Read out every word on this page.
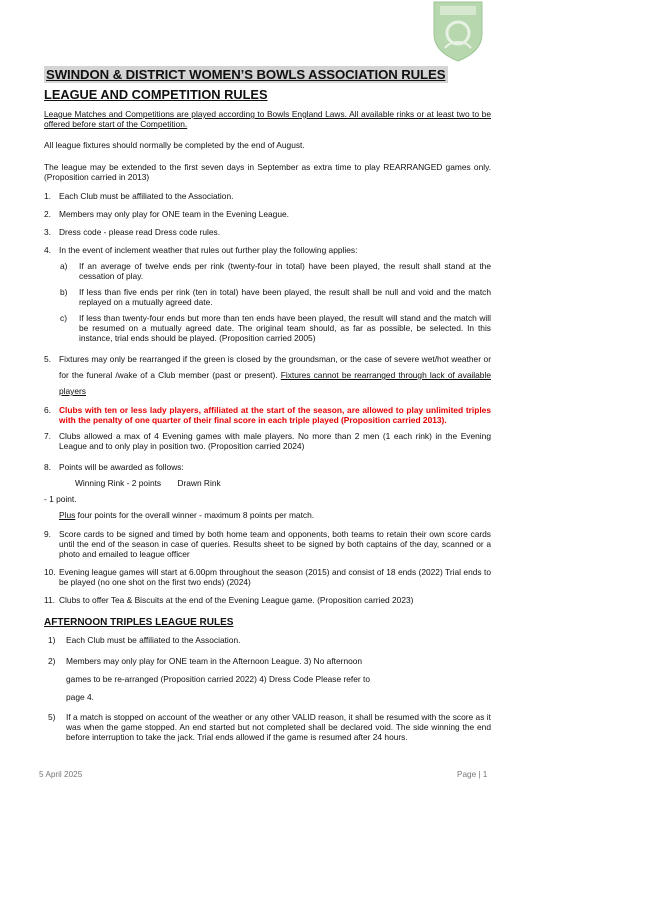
SWINDON & DISTRICT WOMEN’S BOWLS ASSOCIATION RULES
LEAGUE AND COMPETITION RULES

League Matches and Competitions are played according to Bowls England Laws. All available rinks or at least two to be offered before start of the Competition.

All league fixtures should normally be completed by the end of August.

The league may be extended to the first seven days in September as extra time to play REARRANGED games only. (Proposition carried in 2013)

1. Each Club must be affiliated to the Association.
2. Members may only play for ONE team in the Evening League.
3. Dress code - please read Dress code rules.
4. In the event of inclement weather that rules out further play the following applies:
a) If an average of twelve ends per rink (twenty-four in total) have been played, the result shall stand at the cessation of play.
b) If less than five ends per rink (ten in total) have been played, the result shall be null and void and the match replayed on a mutually agreed date.
c) If less than twenty-four ends but more than ten ends have been played, the result will stand and the match will be resumed on a mutually agreed date. The original team should, as far as possible, be selected. In this instance, trial ends should be played. (Proposition carried 2005)
5. Fixtures may only be rearranged if the green is closed by the groundsman, or the case of severe wet/hot weather or for the funeral /wake of a Club member (past or present). Fixtures cannot be rearranged through lack of available players
6. Clubs with ten or less lady players, affiliated at the start of the season, are allowed to play unlimited triples with the penalty of one quarter of their final score in each triple played (Proposition carried 2013).
7. Clubs allowed a max of 4 Evening games with male players. No more than 2 men (1 each rink) in the Evening League and to only play in position two. (Proposition carried 2024)
8. Points will be awarded as follows:
Winning Rink - 2 points       Drawn Rink
- 1 point.
Plus four points for the overall winner - maximum 8 points per match.
9. Score cards to be signed and timed by both home team and opponents, both teams to retain their own score cards until the end of the season in case of queries. Results sheet to be signed by both captains of the day, scanned or a photo and emailed to league officer
10. Evening league games will start at 6.00pm throughout the season (2015) and consist of 18 ends (2022) Trial ends to be played (no one shot on the first two ends) (2024)
11. Clubs to offer Tea & Biscuits at the end of the Evening League game. (Proposition carried 2023)

AFTERNOON TRIPLES LEAGUE RULES

1) Each Club must be affiliated to the Association.
2) Members may only play for ONE team in the Afternoon League. 3) No afternoon
games to be re-arranged (Proposition carried 2022) 4) Dress Code Please refer to
page 4.
5) If a match is stopped on account of the weather or any other VALID reason, it shall be resumed with the score as it was when the game stopped. An end started but not completed shall be declared void. The side winning the end before interruption to take the jack. Trial ends allowed if the game is resumed after 24 hours.
5 April 2025	Page | 1
